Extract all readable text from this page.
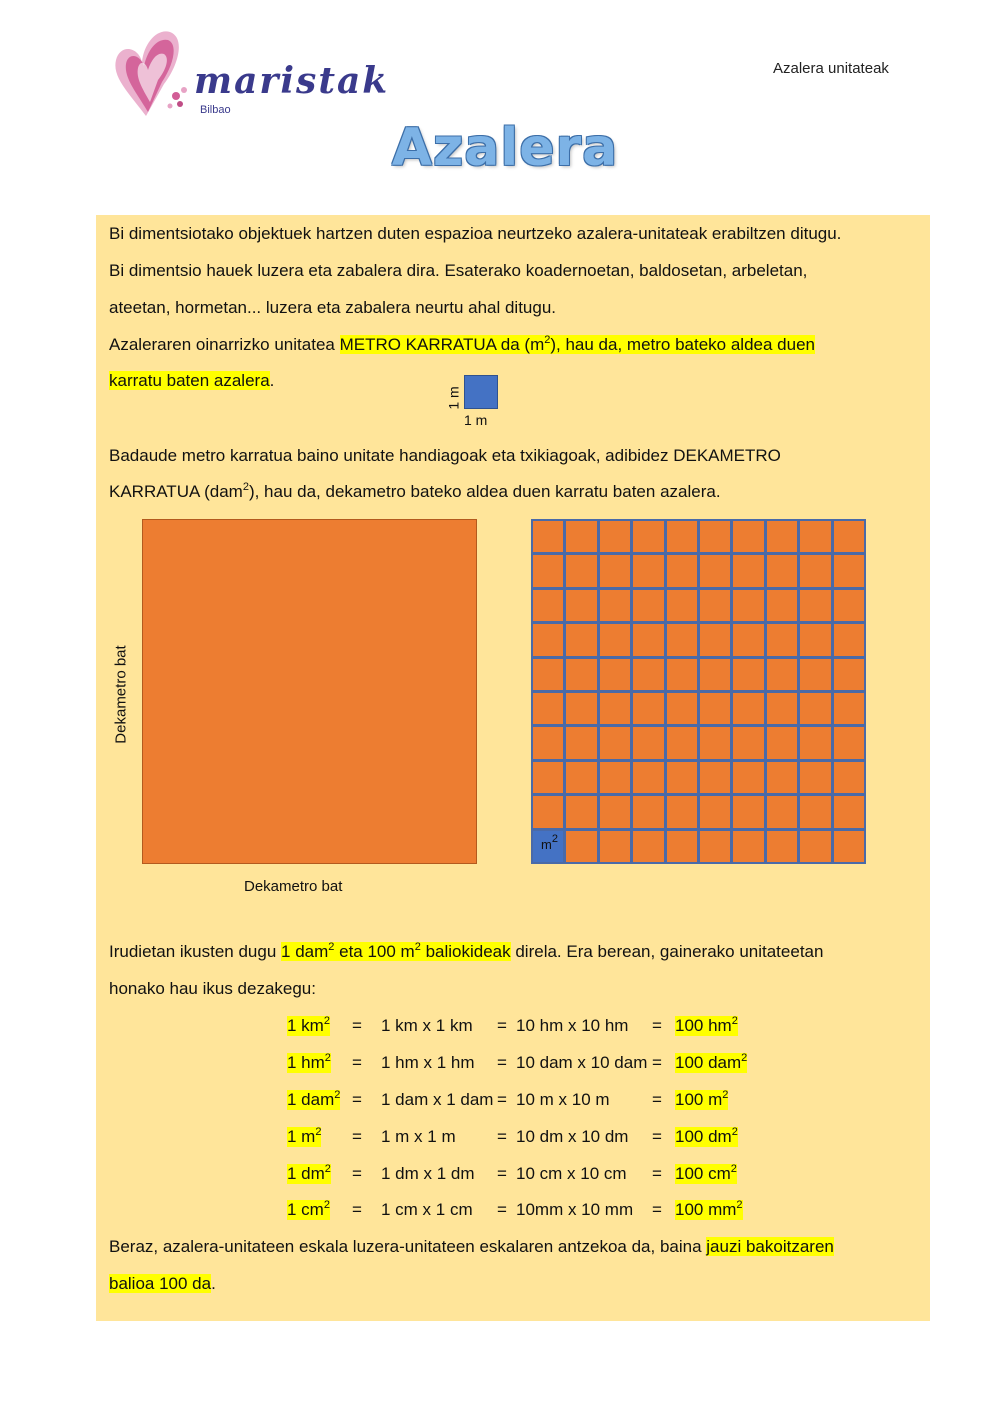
Azalera unitateak
maristak
Bilbao
Azalera
Bi dimentsiotako objektuek hartzen duten espazioa neurtzeko azalera-unitateak erabiltzen ditugu.
Bi dimentsio hauek luzera eta zabalera dira. Esaterako koadernoetan, baldosetan, arbeletan,
ateetan, hormetan... luzera eta zabalera neurtu ahal ditugu.
Azaleraren oinarrizko unitatea METRO KARRATUA da $(m^2)$, hau da, metro bateko aldea duen
karratu baten azalera.
1 m
1 m
Badaude metro karratua baino unitate handiagoak eta txikiagoak, adibidez DEKAMETRO
KARRATUA (dam$^2$), hau da, dekametro bateko aldea duen karratu baten azalera.
Dekametro bat
Dekametro bat
$m^2$
Irudietan ikusten dugu 1 dam$^2$ eta 100 $m^2$ baliokideak direla. Era berean, gainerako unitateetan
honako hau ikus dezakegu:
1 $km^2 = 1$ km x 1 km = 10 hm x 10 hm = 100 $hm^2$
1 $hm^2 = 1$ hm x 1 hm = 10 dam x 10 dam = 100 dam$^2$
1 dam$^2$ = 1 dam x 1 dam = 10 m x 10 m = 100 $m^2$
1 $m^2 = 1$ m x 1 m = 10 dm x 10 dm = 100 $dm^2$
1 $dm^2 = 1$ dm x 1 dm = 10 cm x 10 cm = 100 $cm^2$
1 $cm^2 = 1$ cm x 1 cm = 10mm x 10 mm = 100 $mm^2$
Beraz, azalera-unitateen eskala luzera-unitateen eskalaren antzekoa da, baina jauzi bakoitzaren
balioa 100 da.
